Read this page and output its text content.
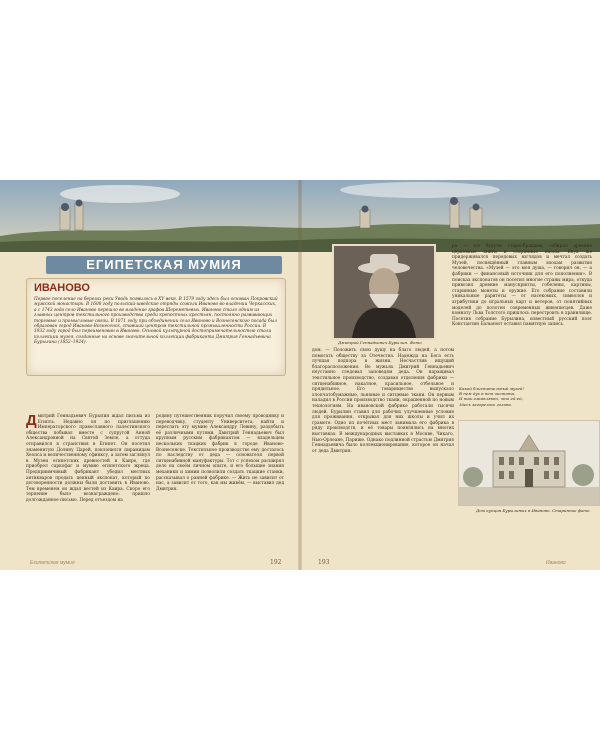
ЕГИПЕТСКАЯ МУМИЯ
ИВАНОВО

Первое поселение на берегах реки Уводь появилось в XV веке. В 1579 году здесь был основан Покровский мужской монастырь. В 1608 году польский-шведские отряды сожгли Иваново во владении Черкасских, а с 1743 года село Иваново перешло во владение графов Шереметевых. Иваново стало одним из главных центров текстильного производства среди крепостных крестьян, постоянно развивающих торговые и промысловые связи. В 1871 году при объединении села Иваново и Вознесенского посада был образован город Иваново-Вознесенск, ставший центром текстильной промышленности России. В 1932 году город был переименован в Иваново. Основой культурной достопримечательностью стали коллекции музея, созданные на основе значительной коллекции фабриканта Дмитрия Геннадьевича Бурылина (1852–1924).

Дмитрий Геннадьевич Бурылин ждал письма из Египта. Недавно он по приглашению Императорского православного палестинского общества побывал вместе с супругой Анной Александровной на Святой Земле, а оттуда отправился в странствия в Египет. Он посетил знаменитую Долину Царей, поклонился пирамидам Хеопса и величественному сфинксу, а затем заглянул в Музеи египетских древностей в Каире, где приобрел саркофаг и мумию египетского жреца. Предприимчивый фабрикант убедил местных антикваров продать ценный экспонат, который по договоренности должны были доставить в Иваново. Тем временем он ждал вестей из Каира. Скоро его терпение было вознаграждено: пришло долгожданное письмо. Перед отъездом на

родину путешественник поручил своему проводнику и переводчику, студенту Университета, найти и переслать эту мумию Александру Левину, раздобыть её различными путями. Дмитрий Геннадьевич был крупным русским фабрикантом — владельцем нескольких ткацких фабрик в городе Иваново-Вознесенске. Текстильное производство ему досталось по наследству от деда — основателя первой ситценабивной мануфактуры. Тот с успехом расширял дело на своём личном опыте, и его большие знания механики и химии позволили создать ткацкие станки, рассказывал о ранней фабрике. — Жить не зависит от нас, а зависит от того, как мы живём, — выставил дед Дмитрия.

Египетская мумия	192
Дмитрий Геннадьевич Бурылин. Фото

дом. — Положить свою душу на благо людей, а потом помогать обществу за Отечества. Надежда на Бога есть лучшая подпора в жизни. Несчастлив ищущий благорасположения. Во мужьях Дмитрий Геннадьевич неустанно следовал заповедям деда. Он наращивал текстильное производство, создавая отделения фабрики — ситценабивное, накатное, красильное, отбельное и прядильное. Его товарищество выпускало хлопчатобумажные, льняные и ситцевые ткани. Он первым наладил в России производство ткани, окрашенной по новым технологиям. На ивановской фабрике работали тысячи людей. Бурылин ставил для рабочих улучшенные условия для проживания, открывал для них школы и учил их грамоте. Одно из почётных мест занимала его фабрика в ряду производств, и её товары появлялись на многих выставках. В международных выставках в Москве, Чикаго, Нью-Орлеане, Париже. Однако подлинной страстью Дмитрия Геннадьевича было коллекционирование, которое он начал от деда Дмитрия.

ра — тот будучи старообрядцем, собирал древние церковные книги и старинные иконы. Внук же придерживался передовых взглядов и мечтал создать Музей, посвящённый главным эпохам развития человечества. «Музей — это моя душа, — говорил он, — а фабрики — финансовый источник для его пополнения». В поисках экспонатов он посетил многие страны мира, откуда привозил древние манускрипты, гобелены, картины, старинные монеты и оружие. Его собрание составили уникальные раритеты — от насекомых, символов и атрибутики до игральных карт и ветеров, от понятийных моделей до полотен современных живописцев. Даже комнату Льва Толстого пришлось перестроить в хранилище. Посетив собрание Бурылина, известный русский поэт Константин Бальмонт оставил памятную запись.

Какой блистательный музей!
В нем дух в нем чистота,
И так оживляют, что ей-ей,
Здесь загорелась голова.
Дом купцов Бурылиных в Иваново. Старинное фото
193	Иваново
